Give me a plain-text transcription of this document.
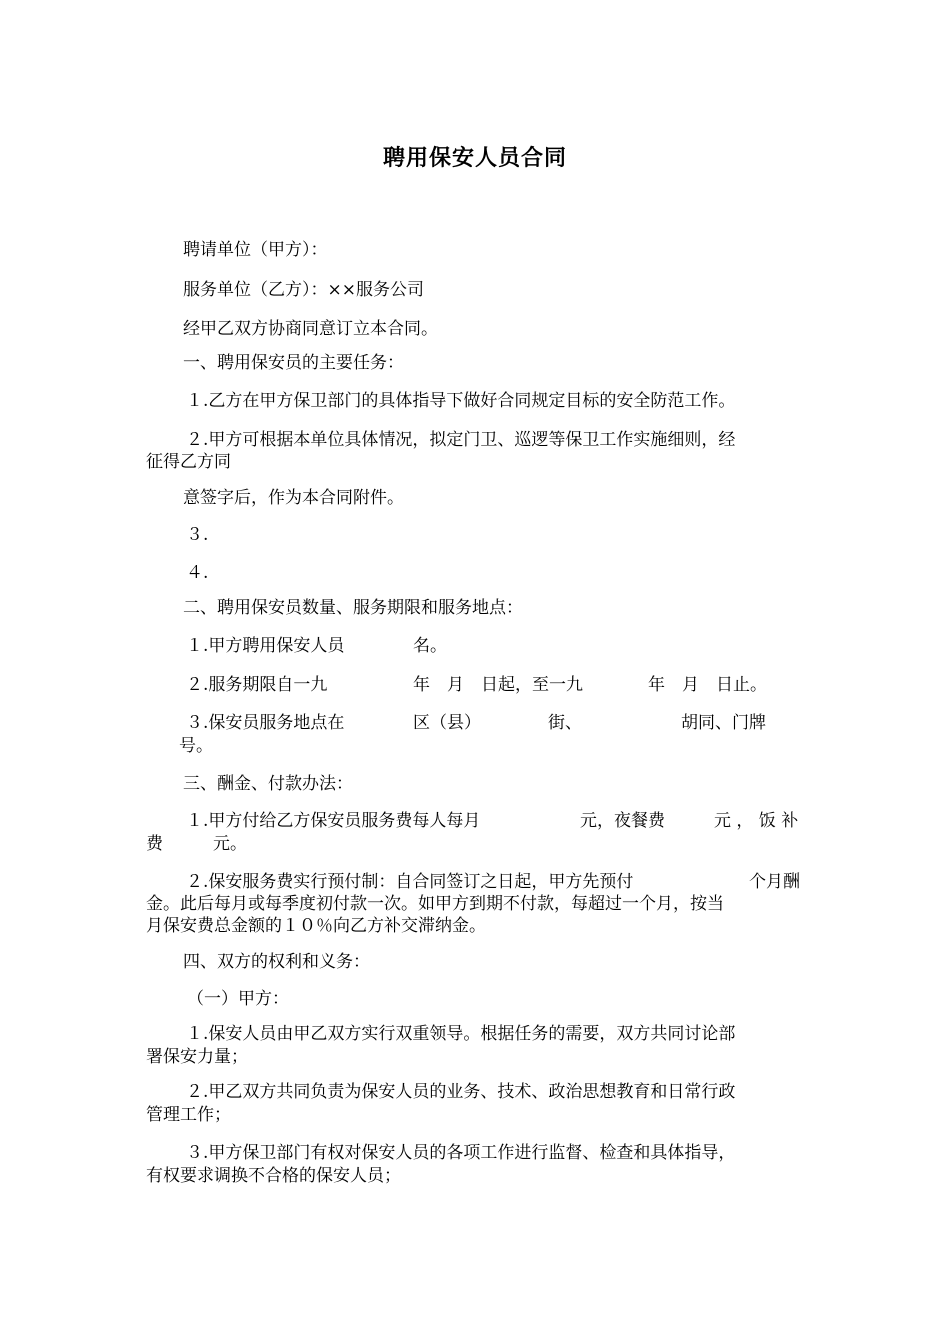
聘用保安人员合同
聘请单位（甲方）：
服务单位（乙方）：××服务公司
经甲乙双方协商同意订立本合同。
一、聘用保安员的主要任务：
１.乙方在甲方保卫部门的具体指导下做好合同规定目标的安全防范工作。
２.甲方可根据本单位具体情况，拟定门卫、巡逻等保卫工作实施细则，经
征得乙方同
意签字后，作为本合同附件。
３.
４.
二、聘用保安员数量、服务期限和服务地点：
１.甲方聘用保安人员	名。
２.服务期限自一九	年　月　日起，至一九	年　月　日止。
３.保安员服务地点在	区（县）	街、	胡同、门牌
号。
三、酬金、付款办法：
１.甲方付给乙方保安员服务费每人每月	元，夜餐费	元 ， 饭 补
费	元。
２.保安服务费实行预付制：自合同签订之日起，甲方先预付	个月酬
金。此后每月或每季度初付款一次。如甲方到期不付款，每超过一个月，按当
月保安费总金额的１０％向乙方补交滞纳金。
四、双方的权利和义务：
（一）甲方：
１.保安人员由甲乙双方实行双重领导。根据任务的需要，双方共同讨论部
署保安力量；
２.甲乙双方共同负责为保安人员的业务、技术、政治思想教育和日常行政
管理工作；
３.甲方保卫部门有权对保安人员的各项工作进行监督、检查和具体指导，
有权要求调换不合格的保安人员；
